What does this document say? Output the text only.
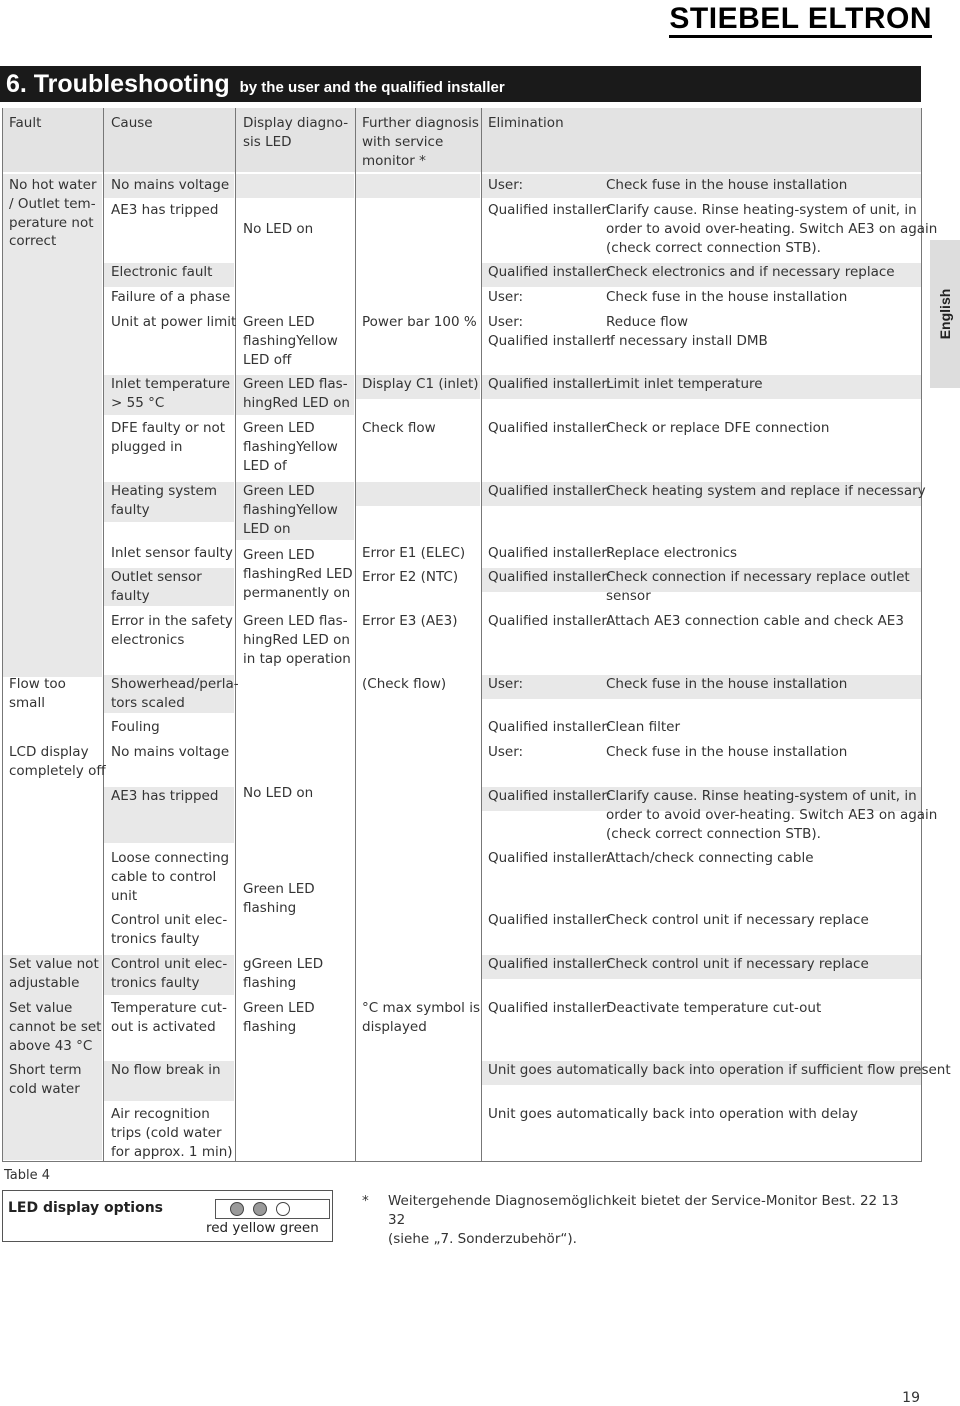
STIEBEL ELTRON
6. Troubleshooting by the user and the qualified installer
English
Fault	Cause	Display diagno-
sis LED
Further diagnosis
with service
monitor *
Elimination
No hot water
/ Outlet tem-
perature not
correct
Flow too
small
LCD display
completely off
Set value not
adjustable
Set value
cannot be set
above 43 °C
Short term
cold water
No mains voltage
AE3 has tripped
Electronic fault
Failure of a phase
Unit at power limit
Inlet temperature
> 55 °C
DFE faulty or not
plugged in
Heating system
faulty
Inlet sensor faulty
Outlet sensor
faulty
Error in the safety
electronics
Showerhead/perla-
tors scaled
Fouling
No mains voltage
AE3 has tripped
Loose connecting
cable to control
unit
Control unit elec-
tronics faulty
Control unit elec-
tronics faulty
Temperature cut-
out is activated
No flow break in
Air recognition
trips (cold water
for approx. 1 min)
No LED on
Green LED
flashingYellow
LED off
Green LED flas-
hingRed LED on
Green LED
flashingYellow
LED of
Green LED
flashingYellow
LED on
Green LED
flashingRed LED
permanently on
Green LED flas-
hingRed LED on
in tap operation
No LED on
Green LED
flashing
gGreen LED
flashing
Green LED
flashing
Power bar 100 %
Display C1 (inlet)
Check flow
Error E1 (ELEC)
Error E2 (NTC)
Error E3 (AE3)
(Check flow)
°C max symbol is
displayed
User:
Qualified installer:
Qualified installer:
User:
User:
Qualified installer:
Qualified installer:
Qualified installer:
Qualified installer:
Qualified installer:
Qualified installer:
Qualified installer:
User:
Qualified installer:
User:
Qualified installer:
Qualified installer:
Qualified installer:
Qualified installer:
Qualified installer:
Check fuse in the house installation
Clarify cause. Rinse heating-system of unit, in
order to avoid over-heating. Switch AE3 on again
(check correct connection STB).
Check electronics and if necessary replace
Check fuse in the house installation
Reduce flow
If necessary install DMB
Limit inlet temperature
Check or replace DFE connection
Check heating system and replace if necessary
Replace electronics
Check connection if necessary replace outlet
sensor
Attach AE3 connection cable and check AE3
Check fuse in the house installation
Clean filter
Check fuse in the house installation
Clarify cause. Rinse heating-system of unit, in
order to avoid over-heating. Switch AE3 on again
(check correct connection STB).
Attach/check connecting cable
Check control unit if necessary replace
Check control unit if necessary replace
Deactivate temperature cut-out
Unit goes automatically back into operation if sufficient flow present
Unit goes automatically back into operation with delay
Table 4
LED display options
red yellow green
* Weitergehende Diagnosemöglichkeit bietet der Service-Monitor Best. 22 13 32
(siehe „7. Sonderzubehör“).
19
